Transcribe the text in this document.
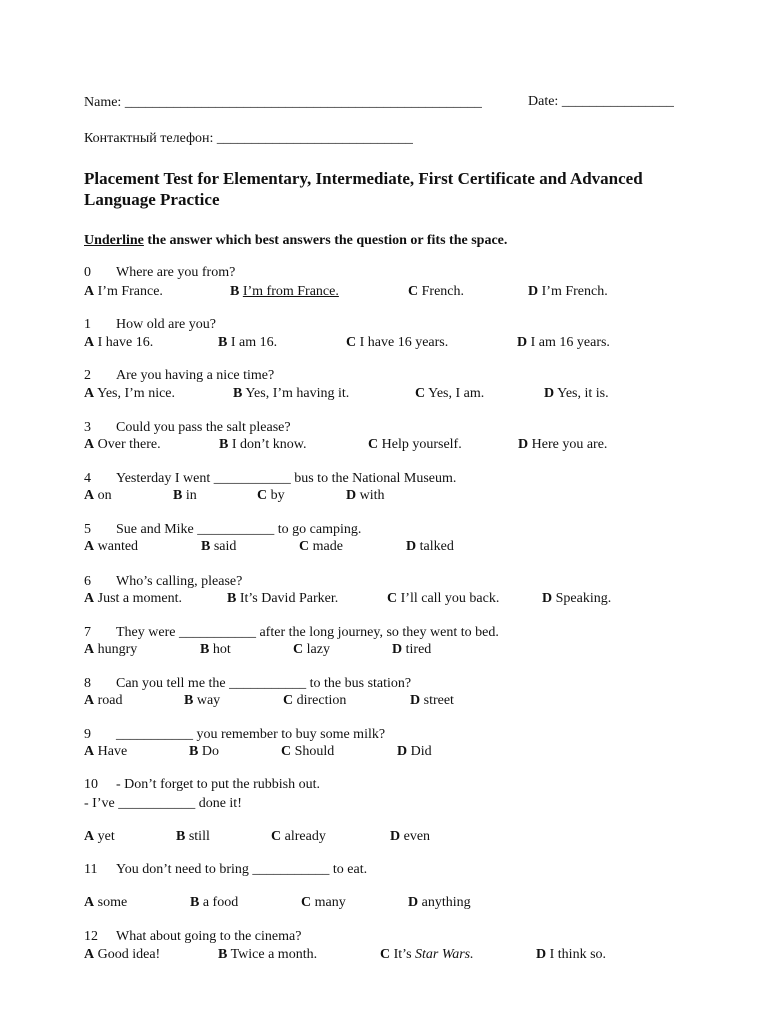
Name: ___________________________________________________	Date: ________________
Контактный телефон: ____________________________
Placement Test for Elementary, Intermediate, First Certificate and Advanced Language Practice
Underline the answer which best answers the question or fits the space.
0 Where are you from?
A I’m France.	B I’m from France.	C French.	D I’m French.
1 How old are you?
A I have 16.	B I am 16.	C I have 16 years.	D I am 16 years.
2 Are you having a nice time?
A Yes, I’m nice.	B Yes, I’m having it.	C Yes, I am.	D Yes, it is.
3 Could you pass the salt please?
A Over there.	B I don’t know.	C Help yourself.	D Here you are.
4 Yesterday I went ___________ bus to the National Museum.
A on	B in	C by	D with
5 Sue and Mike ___________ to go camping.
A wanted	B said	C made	D talked
6 Who’s calling, please?
A Just a moment.	B It’s David Parker.	C I’ll call you back.	D Speaking.
7 They were ___________ after the long journey, so they went to bed.
A hungry	B hot	C lazy	D tired
8 Can you tell me the ___________ to the bus station?
A road	B way	C direction	D street
9 ___________ you remember to buy some milk?
A Have	B Do	C Should	D Did
10 - Don’t forget to put the rubbish out.
- I’ve ___________ done it!
A yet	B still	C already	D even
11 You don’t need to bring ___________ to eat.
A some	B a food	C many	D anything
12 What about going to the cinema?
A Good idea!	B Twice a month.	C It’s Star Wars.	D I think so.
